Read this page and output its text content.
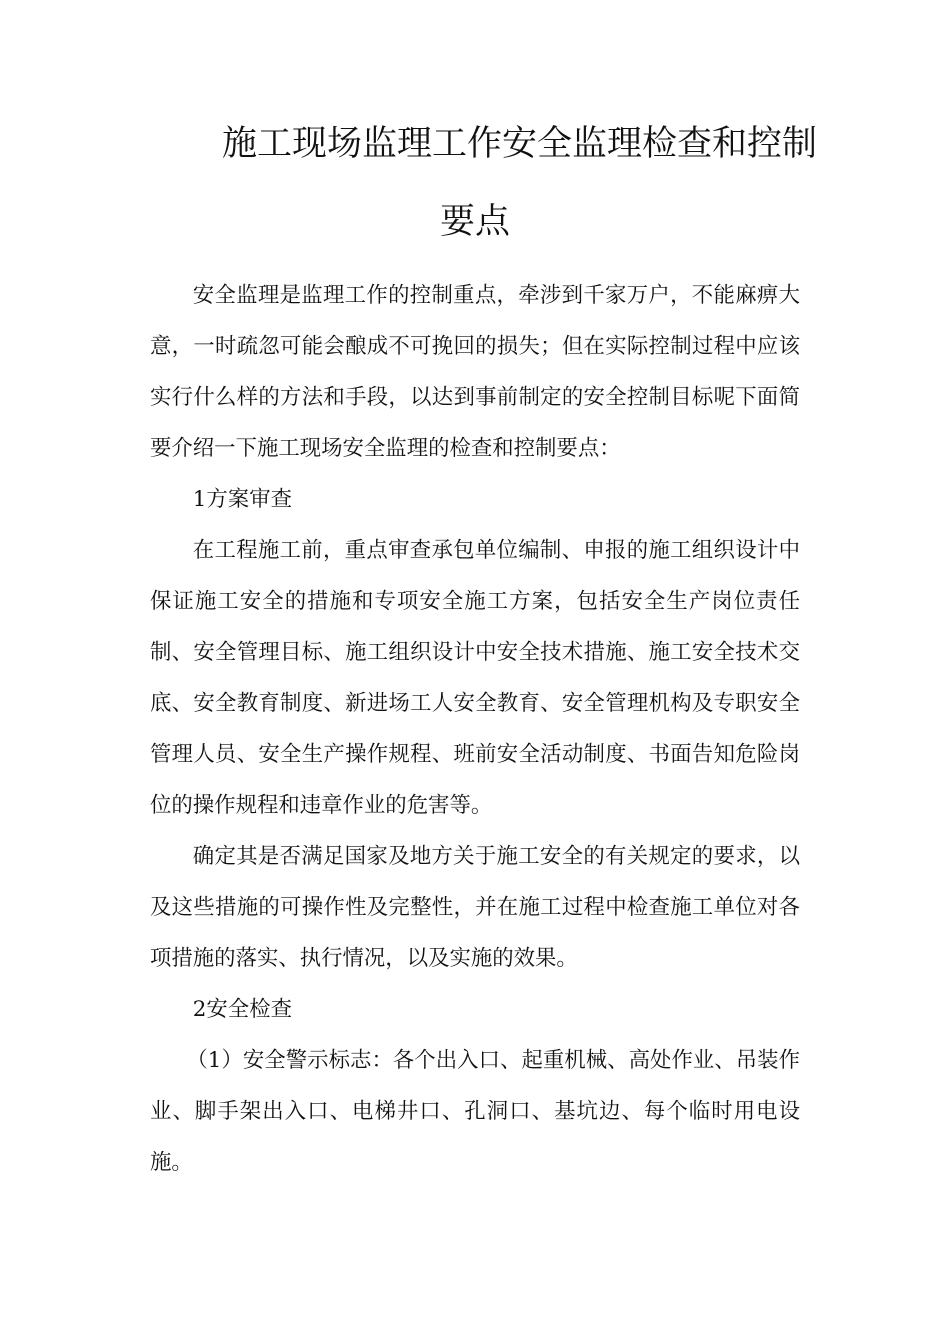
施工现场监理工作安全监理检查和控制
要点

安全监理是监理工作的控制重点，牵涉到千家万户，不能麻痹大意，一时疏忽可能会酿成不可挽回的损失；但在实际控制过程中应该实行什么样的方法和手段，以达到事前制定的安全控制目标呢下面简要介绍一下施工现场安全监理的检查和控制要点：

1方案审查

在工程施工前，重点审查承包单位编制、申报的施工组织设计中保证施工安全的措施和专项安全施工方案，包括安全生产岗位责任制、安全管理目标、施工组织设计中安全技术措施、施工安全技术交底、安全教育制度、新进场工人安全教育、安全管理机构及专职安全管理人员、安全生产操作规程、班前安全活动制度、书面告知危险岗位的操作规程和违章作业的危害等。

确定其是否满足国家及地方关于施工安全的有关规定的要求，以及这些措施的可操作性及完整性，并在施工过程中检查施工单位对各项措施的落实、执行情况，以及实施的效果。

2安全检查

（1）安全警示标志：各个出入口、起重机械、高处作业、吊装作业、脚手架出入口、电梯井口、孔洞口、基坑边、每个临时用电设施。
